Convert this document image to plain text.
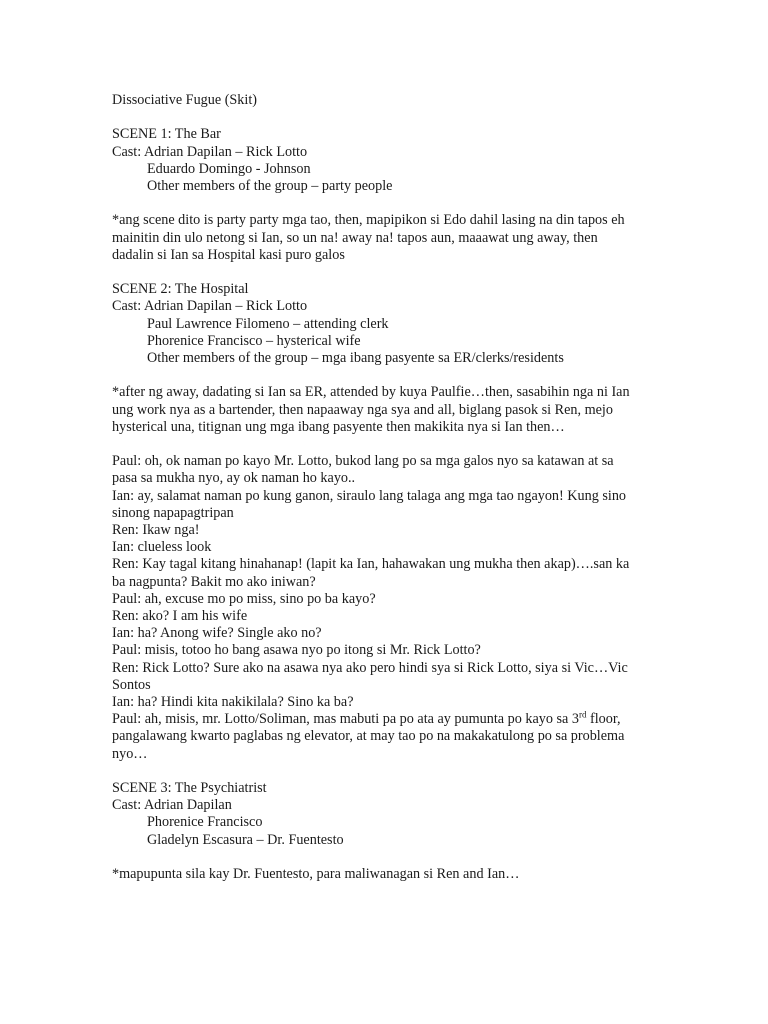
Dissociative Fugue (Skit)
SCENE 1: The Bar
Cast: Adrian Dapilan – Rick Lotto
Eduardo Domingo - Johnson
Other members of the group – party people
*ang scene dito is party party mga tao, then, mapipikon si Edo dahil lasing na din tapos eh
mainitin din ulo netong si Ian, so un na! away na! tapos aun, maaawat ung away, then
dadalin si Ian sa Hospital kasi puro galos
SCENE 2: The Hospital
Cast: Adrian Dapilan – Rick Lotto
Paul Lawrence Filomeno – attending clerk
Phorenice Francisco – hysterical wife
Other members of the group – mga ibang pasyente sa ER/clerks/residents
*after ng away, dadating si Ian sa ER, attended by kuya Paulfie…then, sasabihin nga ni Ian
ung work nya as a bartender, then napaaway nga sya and all, biglang pasok si Ren, mejo
hysterical una, titignan ung mga ibang pasyente then makikita nya si Ian then…
Paul: oh, ok naman po kayo Mr. Lotto, bukod lang po sa mga galos nyo sa katawan at sa
pasa sa mukha nyo, ay ok naman ho kayo..
Ian: ay, salamat naman po kung ganon, siraulo lang talaga ang mga tao ngayon! Kung sino
sinong napapagtripan
Ren: Ikaw nga!
Ian: clueless look
Ren: Kay tagal kitang hinahanap! (lapit ka Ian, hahawakan ung mukha then akap)….san ka
ba nagpunta? Bakit mo ako iniwan?
Paul: ah, excuse mo po miss, sino po ba kayo?
Ren: ako? I am his wife
Ian: ha? Anong wife? Single ako no?
Paul: misis, totoo ho bang asawa nyo po itong si Mr. Rick Lotto?
Ren: Rick Lotto? Sure ako na asawa nya ako pero hindi sya si Rick Lotto, siya si Vic…Vic
Sontos
Ian: ha? Hindi kita nakikilala? Sino ka ba?
Paul: ah, misis, mr. Lotto/Soliman, mas mabuti pa po ata ay pumunta po kayo sa 3rd floor,
pangalawang kwarto paglabas ng elevator, at may tao po na makakatulong po sa problema
nyo…
SCENE 3: The Psychiatrist
Cast: Adrian Dapilan
Phorenice Francisco
Gladelyn Escasura – Dr. Fuentesto
*mapupunta sila kay Dr. Fuentesto, para maliwanagan si Ren and Ian…
